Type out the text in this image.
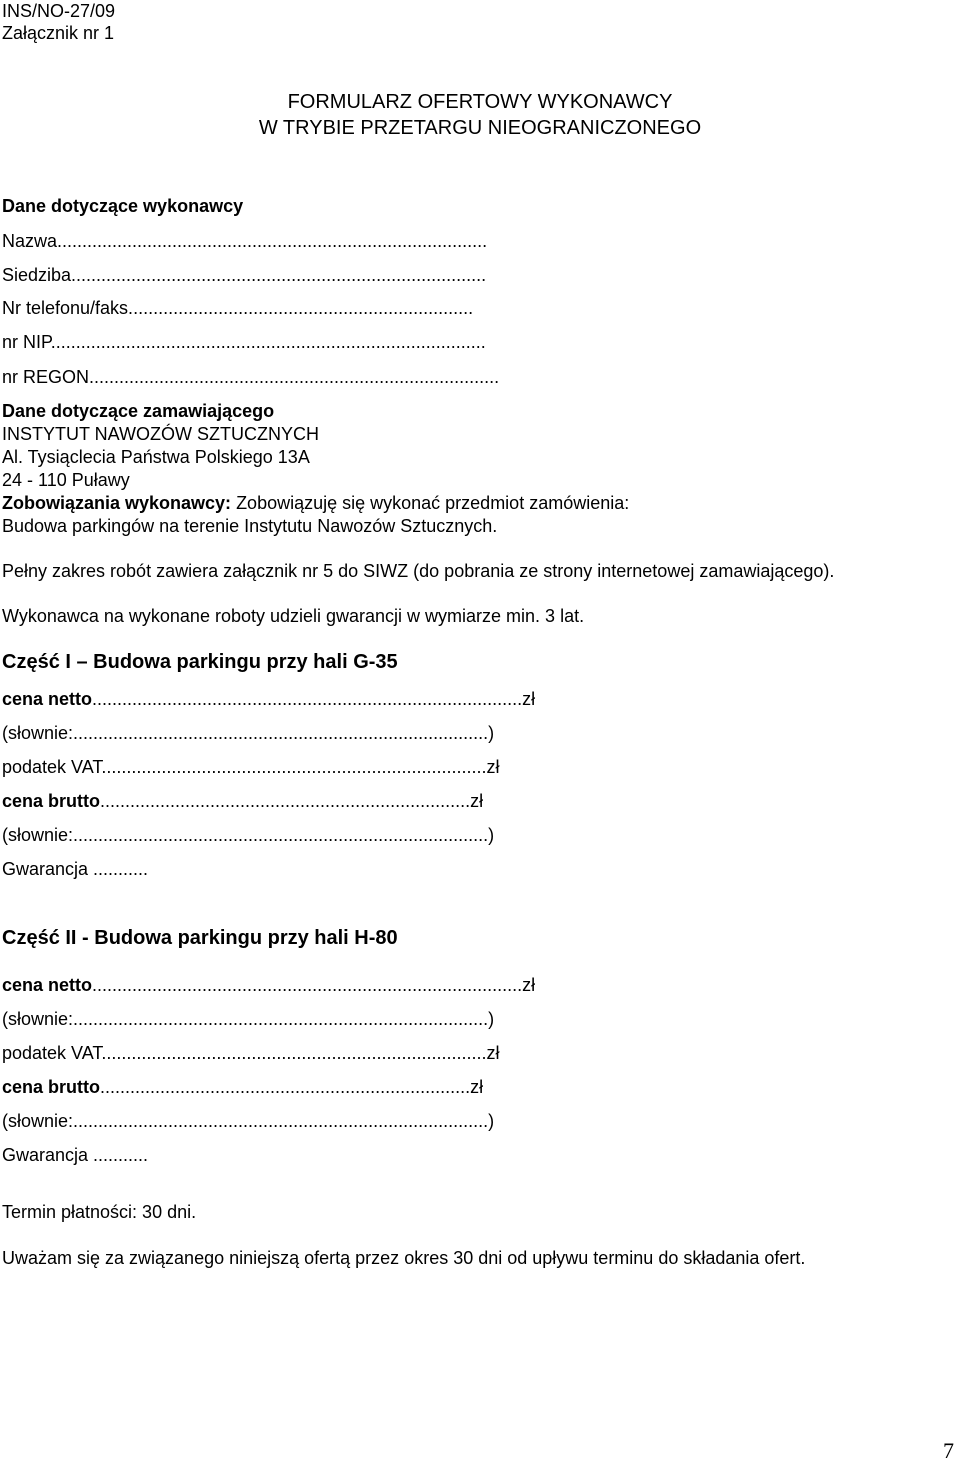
INS/NO-27/09

Załącznik nr 1

FORMULARZ OFERTOWY WYKONAWCY

W TRYBIE PRZETARGU NIEOGRANICZONEGO

Dane dotyczące wykonawcy

Nazwa......................................................................................

Siedziba...................................................................................

Nr telefonu/faks.....................................................................

nr NIP.......................................................................................

nr REGON..................................................................................

Dane dotyczące zamawiającego

INSTYTUT NAWOZÓW SZTUCZNYCH

Al. Tysiąclecia Państwa Polskiego 13A

24 - 110 Puławy

Zobowiązania wykonawcy: Zobowiązuję się wykonać przedmiot zamówienia:

Budowa parkingów na terenie Instytutu Nawozów Sztucznych.

Pełny zakres robót zawiera załącznik nr 5 do SIWZ (do pobrania ze strony internetowej zamawiającego).

Wykonawca na wykonane roboty udzieli gwarancji w wymiarze min. 3 lat.

Część I – Budowa parkingu przy hali G-35

cena netto......................................................................................zł

(słownie:...................................................................................)

podatek VAT.............................................................................zł

cena brutto..........................................................................zł

(słownie:...................................................................................)

Gwarancja ...........

Część II - Budowa parkingu przy hali H-80

cena netto......................................................................................zł

(słownie:...................................................................................)

podatek VAT.............................................................................zł

cena brutto..........................................................................zł

(słownie:...................................................................................)

Gwarancja ...........

Termin płatności: 30 dni.

Uważam się za związanego niniejszą ofertą przez okres 30 dni od upływu terminu do składania ofert.

7
